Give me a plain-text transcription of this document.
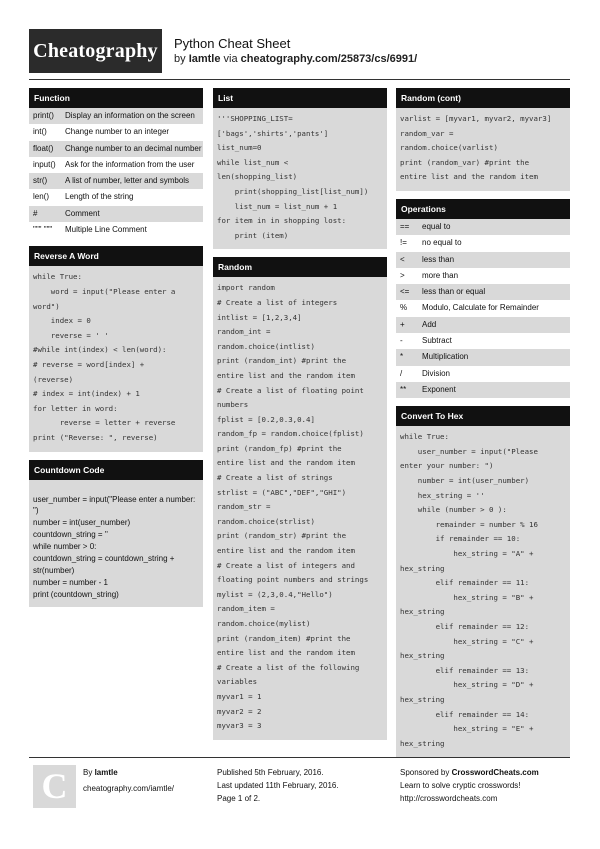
Cheatography	Python Cheat Sheet
by Iamtle via cheatography.com/25873/cs/6991/
Function
print()	Display an information on the screen
int()	Change number to an integer
float()	Change number to an decimal number
input()	Ask for the information from the user
str()	A list of number, letter and symbols
len()	Length of the string
#	Comment
""" """	Multiple Line Comment
Reverse A Word
while True:
word = input("Please enter a
word")
index = 0
reverse = ' '
#while int(index) < len(word):
# reverse = word[index] +
(reverse)
# index = int(index) + 1
for letter in word:
reverse = letter + reverse
print ("Reverse: ", reverse)
Countdown Code
user_number = input("Please enter a number:
")
number = int(user_number)
countdown_string = ''
while number > 0:
countdown_string = countdown_string +
str(number)
number = number - 1
print (countdown_string)
List
'''SHOPPING_LIST=
['bags','shirts','pants']
list_num=0
while list_num <
len(shopping_list)
print(shopping_list[list_num])
list_num = list_num + 1
for item in in shopping lost:
print (item)
Random
import random
# Create a list of integers
intlist = [1,2,3,4]
random_int =
random.choice(intlist)
print (random_int) #print the
entire list and the random item
# Create a list of floating point
numbers
fplist = [0.2,0.3,0.4]
random_fp = random.choice(fplist)
print (random_fp) #print the
entire list and the random item
# Create a list of strings
strlist = ("ABC","DEF","GHI")
random_str =
random.choice(strlist)
print (random_str) #print the
entire list and the random item
# Create a list of integers and
floating point numbers and strings
mylist = (2,3,0.4,"Hello")
random_item =
random.choice(mylist)
print (random_item) #print the
entire list and the random item
# Create a list of the following
variables
myvar1 = 1
myvar2 = 2
myvar3 = 3
Random (cont)
varlist = [myvar1, myvar2, myvar3]
random_var =
random.choice(varlist)
print (random_var) #print the
entire list and the random item
Operations
==	equal to
!=	no equal to
<	less than
>	more than
<=	less than or equal
%	Modulo, Calculate for Remainder
+	Add
-	Subtract
*	Multiplication
/	Division
**	Exponent
Convert To Hex
while True:
user_number = input("Please
enter your number: ")
number = int(user_number)
hex_string = ''
while (number > 0 ):
remainder = number % 16
if remainder == 10:
hex_string = "A" +
hex_string
elif remainder == 11:
hex_string = "B" +
hex_string
elif remainder == 12:
hex_string = "C" +
hex_string
elif remainder == 13:
hex_string = "D" +
hex_string
elif remainder == 14:
hex_string = "E" +
hex_string
C	By Iamtle
cheatography.com/iamtle/
Published 5th February, 2016.
Last updated 11th February, 2016.
Page 1 of 2.
Sponsored by CrosswordCheats.com
Learn to solve cryptic crosswords!
http://crosswordcheats.com
